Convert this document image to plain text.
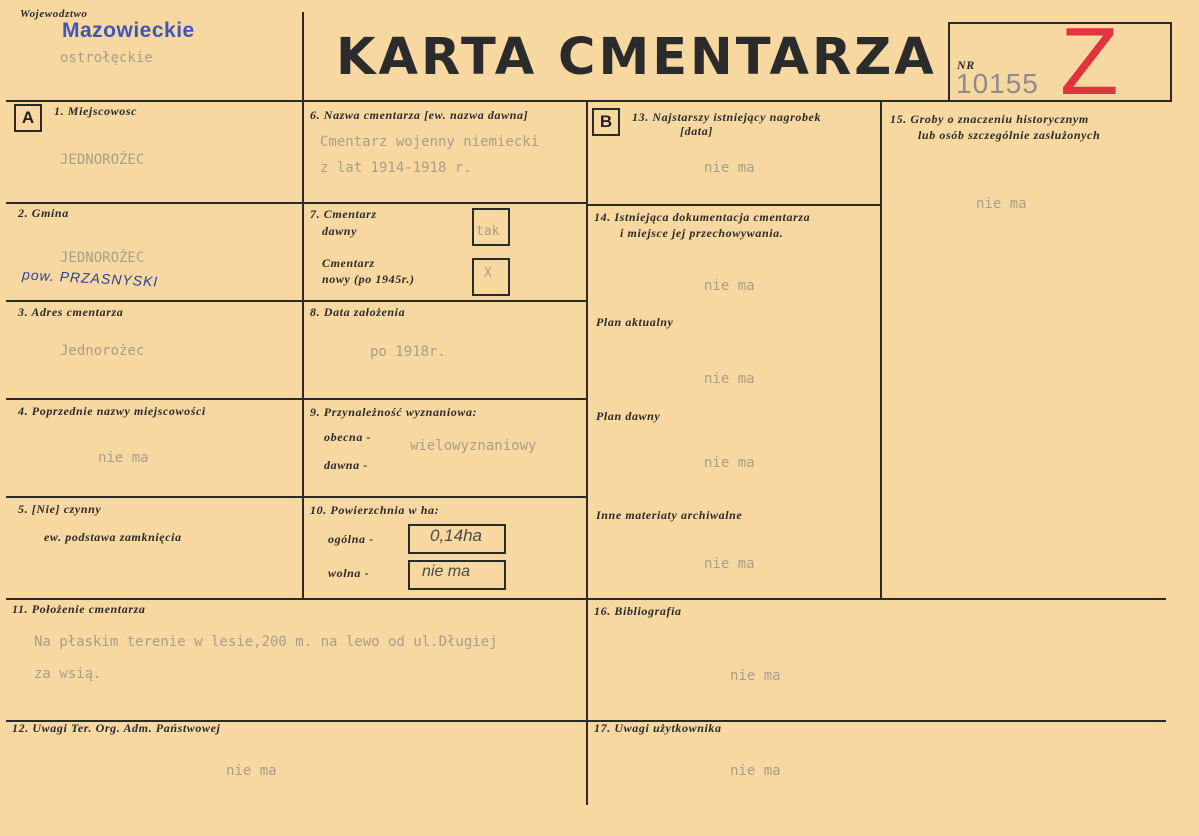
Wojewodztwo
Mazowieckie
ostrołęckie	KARTA CMENTARZA NR
10155 Z
A	B
1. Miejscowosc
JEDNOROŻEC
2. Gmina
JEDNOROŻEC
pow. PRZASNYSKI
3. Adres cmentarza
Jednorożec
4. Poprzednie nazwy miejscowości
nie ma
5. [Nie] czynny
ew. podstawa zamknięcia
6. Nazwa cmentarza [ew. nazwa dawna]
Cmentarz wojenny niemiecki
z lat 1914-1918 r.
7. Cmentarz
dawny	tak
Cmentarz
nowy (po 1945r.)	X
8. Data założenia
po 1918r.
9. Przynależność wyznaniowa:
obecna -
wielowyznaniowy
dawna -
10. Powierzchnia w ha:
ogólna -	0,14ha
wolna -	nie ma
13. Najstarszy istniejący nagrobek
[data]
nie ma
14. Istniejąca dokumentacja cmentarza
i miejsce jej przechowywania.
nie ma
Plan aktualny
nie ma
Plan dawny
nie ma
Inne materiaty archiwalne
nie ma
15. Groby o znaczeniu historycznym
lub osób szczególnie zasłużonych
nie ma
11. Położenie cmentarza
Na płaskim terenie w lesie,200 m. na lewo od ul.Długiej
za wsią.
16. Bibliografia
nie ma
12. Uwagi Ter. Org. Adm. Państwowej
nie ma
17. Uwagi użytkownika
nie ma
